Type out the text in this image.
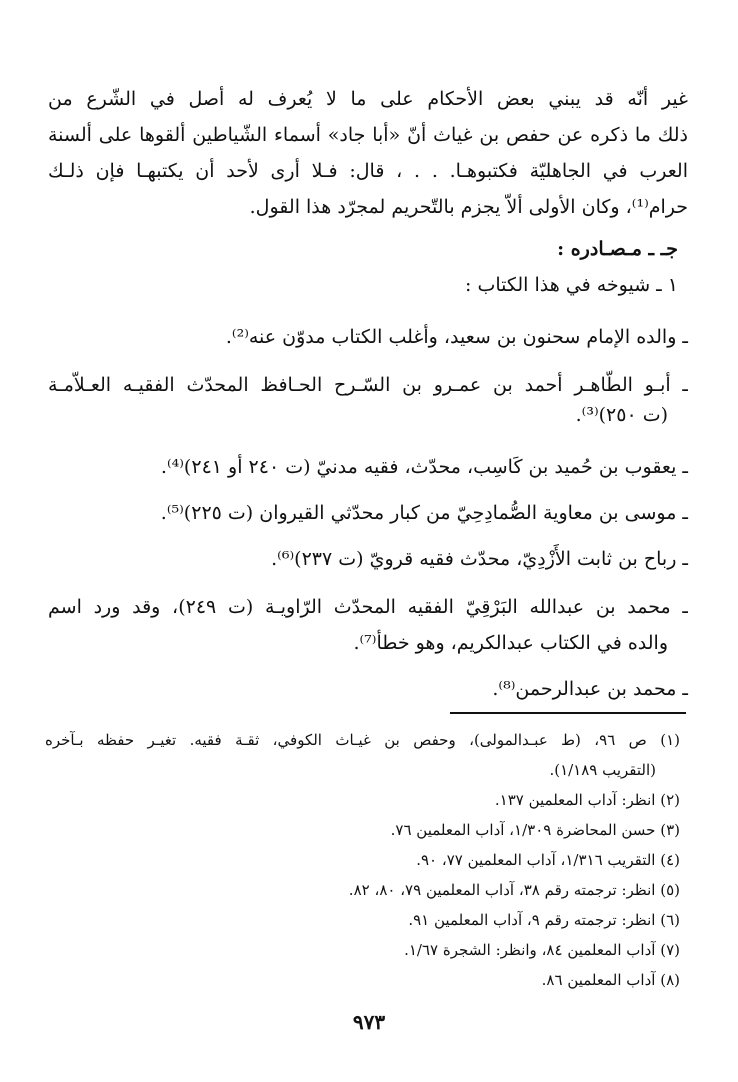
غير أنّه قد يبني بعض الأحكام على ما لا يُعرف له أصل في الشّرع من
ذلك ما ذكره عن حفص بن غياث أنّ «أبا جاد» أسماء الشّياطين ألقوها على ألسنة
العرب في الجاهليّة فكتبوهـا. . . ، قال: فـلا أرى لأحد أن يكتبهـا فإن ذلـك
حرام⁽¹⁾، وكان الأولى ألاّ يجزم بالتّحريم لمجرّد هذا القول.
جـ ـ مـصـادره :
١ ـ شيوخه في هذا الكتاب :
ـ والده الإمام سحنون بن سعيد، وأغلب الكتاب مدوّن عنه⁽²⁾.
ـ أبـو الطّاهـر أحمد بن عمـرو بن السّـرح الحـافظ المحدّث الفقيـه العـلاّمـة
(ت ٢٥٠)⁽³⁾.
ـ يعقوب بن حُميد بن كَاسِب، محدّث، فقيه مدنيّ (ت ٢٤٠ أو ٢٤١)⁽⁴⁾.
ـ موسى بن معاوية الصُّمادِحِيّ من كبار محدّثي القيروان (ت ٢٢٥)⁽⁵⁾.
ـ رباح بن ثابت الأَزْدِيّ، محدّث فقيه قرويّ (ت ٢٣٧)⁽⁶⁾.
ـ محمد بن عبدالله البَرْقِيّ الفقيه المحدّث الرّاويـة (ت ٢٤٩)، وقد ورد اسم
والده في الكتاب عبدالكريم، وهو خطأ⁽⁷⁾.
ـ محمد بن عبدالرحمن⁽⁸⁾.
(١) ص ٩٦، (ط عبـدالمولى)، وحفص بن غيـاث الكوفي، ثقـة فقيه. تغيـر حفظه بـآخره
(التقريب ١/١٨٩).
(٢) انظر: آداب المعلمين ١٣٧.
(٣) حسن المحاضرة ١/٣٠٩، آداب المعلمين ٧٦.
(٤) التقريب ١/٣١٦، آداب المعلمين ٧٧، ٩٠.
(٥) انظر: ترجمته رقم ٣٨، آداب المعلمين ٧٩، ٨٠، ٨٢.
(٦) انظر: ترجمته رقم ٩، آداب المعلمين ٩١.
(٧) آداب المعلمين ٨٤، وانظر: الشجرة ١/٦٧.
(٨) آداب المعلمين ٨٦.
٩٧٣
